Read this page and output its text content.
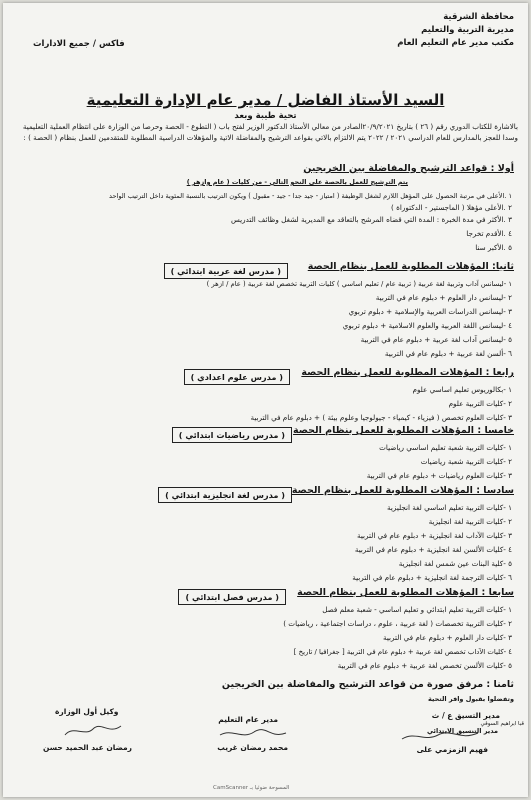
محافظة الشرقية
مديرية التربية والتعليم
مكتب مدير عام التعليم العام
فاكس / جميع الادارات
السيد الأستاذ الفاضل / مدير عام الإدارة التعليمية
تحية طيبة وبعد
بالاشارة للكتاب الدوري رقم ( ٢٦ ) بتاريخ ٢٠/٩/٢٠٢١الصادر من معالي الأستاذ الدكتور الوزير لفتح باب ( التطوع - الحصة وحرصا من الوزارة على انتظام العملية التعليمية وسدا للعجز بالمدارس للعام الدراسي ٢٠٢١ / ٢٠٢٢ يتم الالتزام بالاتي بقواعد الترشيح والمفاضلة الاتية والمؤهلات الدراسية المطلوبة للمتقدمين للعمل بنظام ( الحصة ) :
أولا : قواعد الترشيح والمفاضلة بين الخريجين
يتم الترشيح للعمل بالحصة على النحو التالي - من كليات ( عام وازهر )
١ .الأعلى في مرتبة الحصول على المؤهل اللازم لشغل الوظيفة ( امتياز - جيد جدا - جيد - مقبول ) ويكون الترتيب بالنسبة المئوية داخل الترتيب الواحد
٢ .الأعلى مؤهلا ( الماجستير - الدكتوراة )
٣ .الأكثر في مدة الخبرة : المدة التي قضاه المرشح بالتعاقد مع المديرية لشغل وظائف التدريس
٤ .الأقدم تخرجا
٥ .الأكبر سنا
ثانيا: المؤهلات المطلوبة للعمل بنظام الحصة
( مدرس لغة عربية ابتدائي )
١ -ليسانس آداب وتربية لغة عربية ( تربية عام / تعليم اساسي ) كليات التربية تخصص لغة عربية ( عام / ازهر )
٢ -ليسانس دار العلوم + دبلوم عام في التربية
٣ -ليسانس الدراسات العربية والإسلامية + دبلوم تربوي
٤ -ليسانس اللغة العربية والعلوم الاسلامية + دبلوم تربوي
٥ -ليسانس آداب لغة عربية + دبلوم عام في التربية
٦ -ألسن لغة عربية + دبلوم عام في التربية
رابعا : المؤهلات المطلوبة للعمل بنظام الحصة
( مدرس علوم اعدادي )
١ -بكالوريوس تعليم اساسي علوم
٢ -كليات التربية علوم
٣ -كليات العلوم تخصص ( فيزياء - كيمياء - جيولوجيا وعلوم بيئة ) + دبلوم عام في التربية
خامسا : المؤهلات المطلوبة للعمل بنظام الحصة
( مدرس رياضيات ابتدائي )
١ -كليات التربية شعبة تعليم اساسي رياضيات
٢ -كليات التربية شعبة رياضيات
٣ -كليات العلوم رياضيات + دبلوم عام في التربية
سادسا : المؤهلات المطلوبة للعمل بنظام الحصة
( مدرس لغة انجليزية ابتدائي )
١ -كليات التربية تعليم اساسي لغة انجليزية
٢ -كليات التربية لغة انجليزية
٣ -كليات الآداب لغة انجليزية + دبلوم عام في التربية
٤ -كليات الألسن لغة انجليزية + دبلوم عام في التربية
٥ -كلية البنات عين شمس لغة انجليزية
٦ -كليات الترجمة لغة انجليزية + دبلوم عام في التربية
سابعا : المؤهلات المطلوبة للعمل بنظام الحصة
( مدرس فصل ابتدائي )
١ -كليات التربية تعليم ابتدائي و تعليم اساسي - شعبة معلم فصل
٢ -كليات التربية تخصصات ( لغة عربية ، علوم ، دراسات اجتماعية ، رياضيات )
٣ -كليات دار العلوم + دبلوم عام في التربية
٤ -كليات الآداب تخصص لغة عربية + دبلوم عام في التربية [ جغرافيا / تاريخ ]
٥ -كليات الألسن تخصص لغة عربية + دبلوم عام في التربية
ثامنا : مرفق صورة من قواعد الترشيح والمفاضلة بين الخريجين
وتفضلوا بقبول وافر التحية
مدير التسيق ع / ث
مدير التنسيق الابتدائي
فهيم الزمزمي على
قبا ابراهيم السوقي
مدير عام التعليم
محمد رمضان غريب
وكيل أول الوزارة
رمضان عبد الحميد حسن
المسوحة ضوئيا بـ CamScanner
